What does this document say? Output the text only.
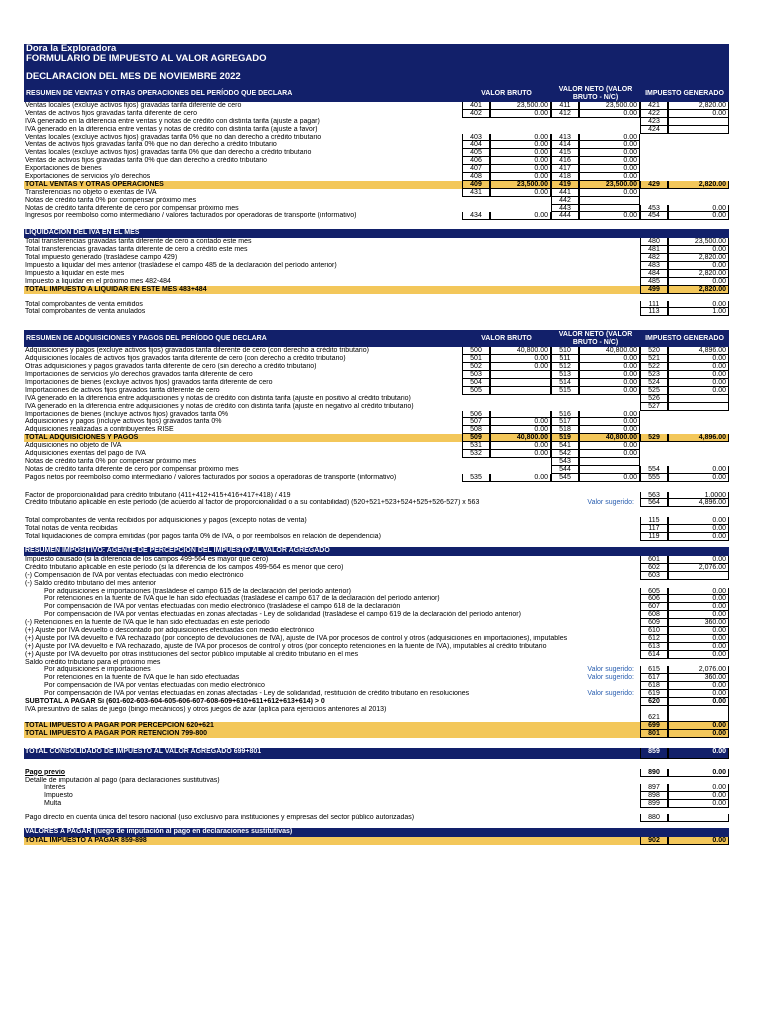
Dora la Exploradora
FORMULARIO DE IMPUESTO AL VALOR AGREGADO
DECLARACION DEL MES DE NOVIEMBRE 2022
RESUMEN DE VENTAS Y OTRAS OPERACIONES DEL PERÍODO QUE DECLARA	VALOR BRUTO
VALOR NETO (VALOR BRUTO - N/C)
IMPUESTO GENERADO
Ventas locales (excluye activos fijos) gravadas tarifa diferente de cero	401	23,500.00	411	23,500.00	421	2,820.00
Ventas de activos fijos gravadas tarifa diferente de cero	402	0.00	412	0.00	422	0.00
IVA generado en la diferencia entre ventas y notas de crédito con distinta tarifa (ajuste a pagar)	423
IVA generado en la diferencia entre ventas y notas de crédito con distinta tarifa (ajuste a favor)	424
Ventas locales (excluye activos fijos) gravadas tarifa 0% que no dan derecho a crédito tributario	403	0.00	413	0.00
Ventas de activos fijos gravadas tarifa 0% que no dan derecho a crédito tributario	404	0.00	414	0.00
Ventas locales (excluye activos fijos) gravadas tarifa 0% que dan derecho a crédito tributario	405	0.00	415	0.00
Ventas de activos fijos gravadas tarifa 0% que dan derecho a crédito tributario	406	0.00	416	0.00
Exportaciones de bienes	407	0.00	417	0.00
Exportaciones de servicios y/o derechos	408	0.00	418	0.00
TOTAL VENTAS Y OTRAS OPERACIONES	409	23,500.00	419	23,500.00	429	2,820.00
Transferencias no objeto o exentas de IVA	431	0.00	441	0.00
Notas de crédito tarifa 0% por compensar próximo mes	442
Notas de crédito tarifa diferente de cero por compensar próximo mes	443	453	0.00
Ingresos por reembolso como intermediario / valores facturados por operadoras de transporte (informativo)	434	0.00	444	0.00	454	0.00
LIQUIDACIÓN DEL IVA EN EL MES
Total transferencias gravadas tarifa diferente de cero a contado este mes	480	23,500.00
Total transferencias gravadas tarifa diferente de cero a crédito este mes	481	0.00
Total impuesto generado (trasládese campo 429)	482	2,820.00
Impuesto a liquidar del mes anterior (trasládese el campo 485 de la declaración del período anterior)	483	0.00
Impuesto a liquidar en este mes	484	2,820.00
Impuesto a liquidar en el próximo mes 482-484	485	0.00
TOTAL IMPUESTO A LIQUIDAR EN ESTE MES 483+484	499	2,820.00
Total comprobantes de venta emitidos	111	0.00
Total comprobantes de venta anulados	113	1.00
RESUMEN DE ADQUISICIONES Y PAGOS DEL PERÍODO QUE DECLARA	VALOR BRUTO
VALOR NETO (VALOR BRUTO - N/C)
IMPUESTO GENERADO
Adquisiciones y pagos (excluye activos fijos) gravados tarifa diferente de cero (con derecho a crédito tributario)	500	40,800.00	510	40,800.00	520	4,896.00
Adquisiciones locales de activos fijos gravados tarifa diferente de cero (con derecho a crédito tributario)	501	0.00	511	0.00	521	0.00
Otras adquisiciones y pagos gravados tarifa diferente de cero (sin derecho a crédito tributario)	502	0.00	512	0.00	522	0.00
Importaciones de servicios y/o derechos gravados tarifa diferente de cero	503	513	0.00	523	0.00
Importaciones de bienes (excluye activos fijos) gravados tarifa diferente de cero	504	514	0.00	524	0.00
Importaciones de activos fijos gravados tarifa diferente de cero	505	515	0.00	525	0.00
IVA generado en la diferencia entre adquisiciones y notas de crédito con distinta tarifa (ajuste en positivo al crédito tributario)	526
IVA generado en la diferencia entre adquisiciones y notas de crédito con distinta tarifa (ajuste en negativo al crédito tributario)	527
Importaciones de bienes (incluye activos fijos) gravados tarifa 0%	506	516	0.00
Adquisiciones y pagos (incluye activos fijos) gravados tarifa 0%	507	0.00	517	0.00
Adquisiciones realizadas a contribuyentes RISE	508	0.00	518	0.00
TOTAL ADQUISICIONES Y PAGOS	509	40,800.00	519	40,800.00	529	4,896.00
Adquisiciones no objeto de IVA	531	0.00	541	0.00
Adquisiciones exentas del pago de IVA	532	0.00	542	0.00
Notas de crédito tarifa 0% por compensar próximo mes	543
Notas de crédito tarifa diferente de cero por compensar próximo mes	544	554	0.00
Pagos netos por reembolso como intermediario / valores facturados por socios a operadoras de transporte (informativo)	535	0.00	545	0.00	555	0.00
Factor de proporcionalidad para crédito tributario (411+412+415+416+417+418) / 419	563	1.0000
Crédito tributario aplicable en este período (de acuerdo al factor de proporcionalidad o a su contabilidad) (520+521+523+524+525+526-527) x 563	Valor sugerido:	564	4,896.00
Total comprobantes de venta recibidos por adquisiciones y pagos (excepto notas de venta)	115	0.00
Total notas de venta recibidas	117	0.00
Total liquidaciones de compra emitidas (por pagos tarifa 0% de IVA, o por reembolsos en relación de dependencia)	119	0.00
RESUMEN IMPOSITIVO: AGENTE DE PERCEPCIÓN DEL IMPUESTO AL VALOR AGREGADO
Impuesto causado (si la diferencia de los campos 499-564 es mayor que cero)	601	0.00
Crédito tributario aplicable en este período (si la diferencia de los campos 499-564 es menor que cero)	602	2,076.00
(-) Compensación de IVA por ventas efectuadas con medio electrónico	603
(-) Saldo crédito tributario del mes anterior
Por adquisiciones e importaciones (trasládese el campo 615 de la declaración del período anterior)	605	0.00
Por retenciones en la fuente de IVA que le han sido efectuadas (trasládese el campo 617 de la declaración del período anterior)	606	0.00
Por compensación de IVA por ventas efectuadas con medio electrónico (trasládese el campo 618 de la declaración	607	0.00
Por compensación de IVA por ventas efectuadas en zonas afectadas - Ley de solidaridad (trasládese el campo 619 de la declaración del período anterior)	608	0.00
(-) Retenciones en la fuente de IVA que le han sido efectuadas en este período	609	360.00
(+) Ajuste por IVA devuelto o descontado por adquisiciones efectuadas con medio electrónico	610	0.00
(+) Ajuste por IVA devuelto e IVA rechazado (por concepto de devoluciones de IVA), ajuste de IVA por procesos de control y otros (adquisiciones en importaciones), imputables	612	0.00
(+) Ajuste por IVA devuelto e IVA rechazado, ajuste de IVA por procesos de control y otros (por concepto retenciones en la fuente de IVA), imputables al crédito tributario	613	0.00
(+) Ajuste por IVA devuelto por otras instituciones del sector público imputable al crédito tributario en el mes	614	0.00
Saldo crédito tributario para el próximo mes
Por adquisiciones e importaciones	Valor sugerido:	615	2,076.00
Por retenciones en la fuente de IVA que le han sido efectuadas	Valor sugerido:	617	360.00
Por compensación de IVA por ventas efectuadas con medio electrónico	618	0.00
Por compensación de IVA por ventas efectuadas en zonas afectadas - Ley de solidaridad, restitución de crédito tributario en resoluciones	Valor sugerido:	619	0.00
SUBTOTAL A PAGAR Si (601-602-603-604-605-606-607-608-609+610+611+612+613+614) > 0	620	0.00
IVA presuntivo de salas de juego (bingo mecánicos) y otros juegos de azar (aplica para ejercicios anteriores al 2013)
621
TOTAL IMPUESTO A PAGAR POR PERCEPCION 620+621	699	0.00
TOTAL IMPUESTO A PAGAR POR RETENCIÓN 799-800	801	0.00
TOTAL CONSOLIDADO DE IMPUESTO AL VALOR AGREGADO 699+801	859	0.00
Pago previo	890	0.00
Detalle de imputación al pago (para declaraciones sustitutivas)
Interés	897	0.00
Impuesto	898	0.00
Multa	899	0.00
Pago directo en cuenta única del tesoro nacional (uso exclusivo para instituciones y empresas del sector público autorizadas)	880
VALORES A PAGAR (luego de imputación al pago en declaraciones sustitutivas)
TOTAL IMPUESTO A PAGAR 859-898	902	0.00
